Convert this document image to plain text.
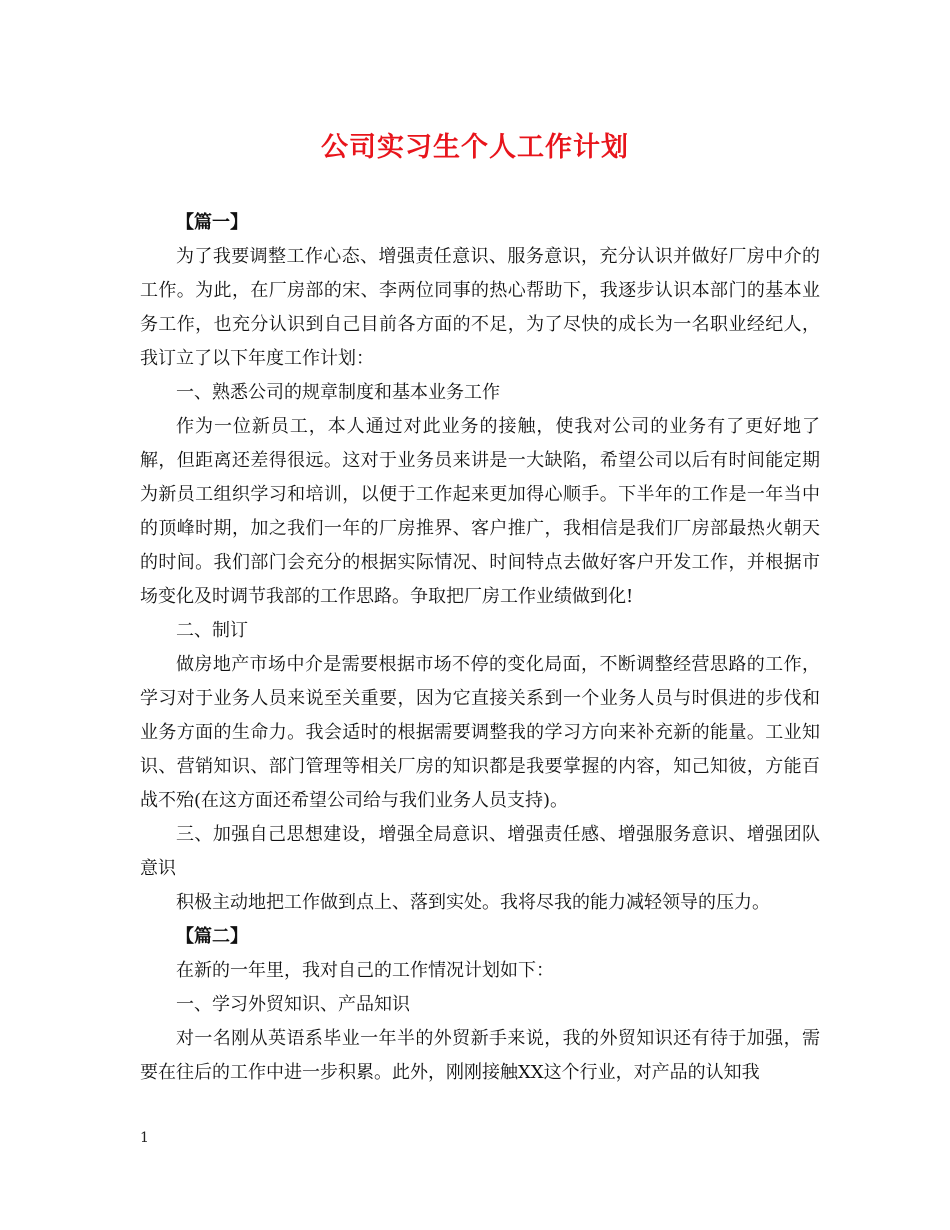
公司实习生个人工作计划

【篇一】

为了我要调整工作心态、增强责任意识、服务意识，充分认识并做好厂房中介的工作。为此，在厂房部的宋、李两位同事的热心帮助下，我逐步认识本部门的基本业务工作，也充分认识到自己目前各方面的不足，为了尽快的成长为一名职业经纪人，我订立了以下年度工作计划：

一、熟悉公司的规章制度和基本业务工作

作为一位新员工，本人通过对此业务的接触，使我对公司的业务有了更好地了解，但距离还差得很远。这对于业务员来讲是一大缺陷，希望公司以后有时间能定期为新员工组织学习和培训，以便于工作起来更加得心顺手。下半年的工作是一年当中的顶峰时期，加之我们一年的厂房推界、客户推广，我相信是我们厂房部最热火朝天的时间。我们部门会充分的根据实际情况、时间特点去做好客户开发工作，并根据市场变化及时调节我部的工作思路。争取把厂房工作业绩做到化!

二、制订

做房地产市场中介是需要根据市场不停的变化局面，不断调整经营思路的工作，学习对于业务人员来说至关重要，因为它直接关系到一个业务人员与时俱进的步伐和业务方面的生命力。我会适时的根据需要调整我的学习方向来补充新的能量。工业知识、营销知识、部门管理等相关厂房的知识都是我要掌握的内容，知己知彼，方能百战不殆(在这方面还希望公司给与我们业务人员支持)。

三、加强自己思想建设，增强全局意识、增强责任感、增强服务意识、增强团队意识

积极主动地把工作做到点上、落到实处。我将尽我的能力减轻领导的压力。

【篇二】

在新的一年里，我对自己的工作情况计划如下：

一、学习外贸知识、产品知识

对一名刚从英语系毕业一年半的外贸新手来说，我的外贸知识还有待于加强，需要在往后的工作中进一步积累。此外，刚刚接触XX这个行业，对产品的认知我

1
